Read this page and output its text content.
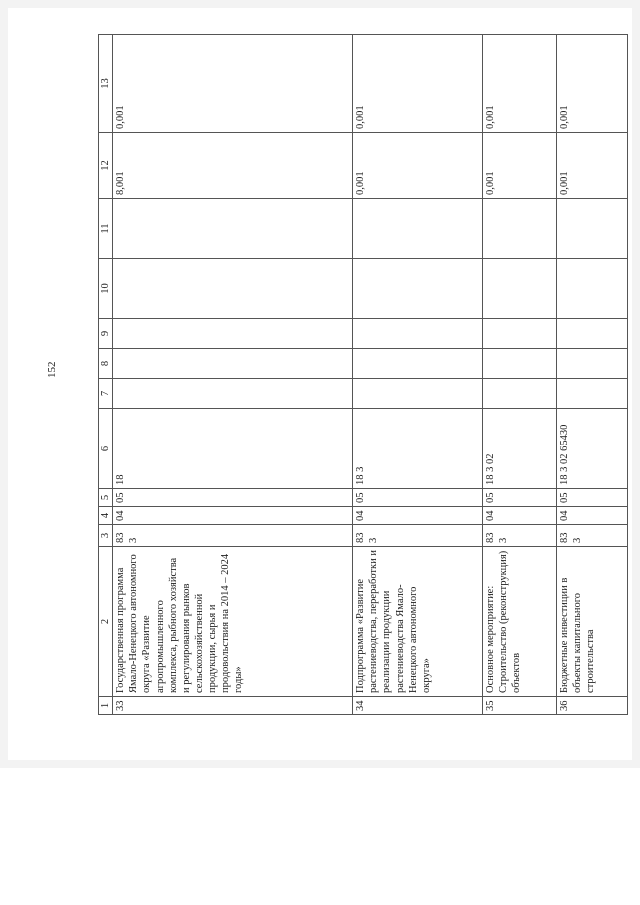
152
1	2	3	4	5	6	7	8	9	10	11	12	13
33	Государственная программа Ямало-Ненецкого автономного округа «Развитие агропромышленного комплекса, рыбного хозяйства и регулирования рынков сельскохозяйственной продукции, сырья и продовольствия на 2014 – 2024 годы»	833	04	05	18						8,001	0,001
34	Подпрограмма «Развитие растениеводства, переработки и реализации продукции растениеводства Ямало-Ненецкого автономного округа»	833	04	05	18 3						0,001	0,001
35	Основное мероприятие: Строительство (реконструкция) объектов	833	04	05	18 3 02						0,001	0,001
36	Бюджетные инвестиции в объекты капитального строительства	833	04	05	18 3 02 65430						0,001	0,001
